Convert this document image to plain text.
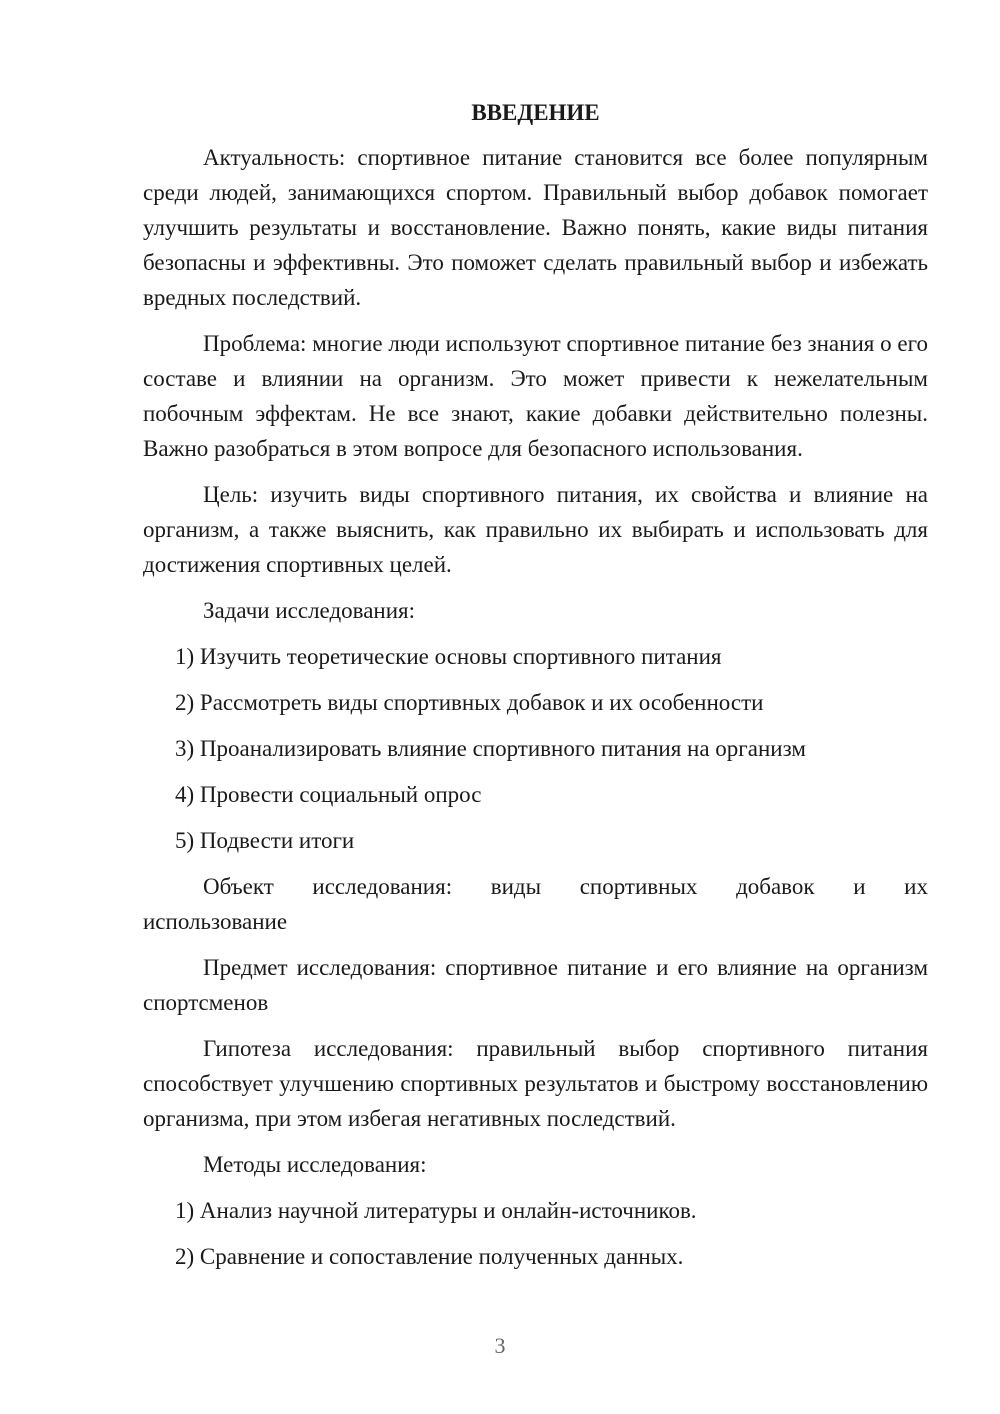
ВВЕДЕНИЕ

Актуальность: спортивное питание становится все более популярным среди людей, занимающихся спортом. Правильный выбор добавок помогает улучшить результаты и восстановление. Важно понять, какие виды питания безопасны и эффективны. Это поможет сделать правильный выбор и избежать вредных последствий.

Проблема: многие люди используют спортивное питание без знания о его составе и влиянии на организм. Это может привести к нежелательным побочным эффектам. Не все знают, какие добавки действительно полезны. Важно разобраться в этом вопросе для безопасного использования.

Цель: изучить виды спортивного питания, их свойства и влияние на организм, а также выяснить, как правильно их выбирать и использовать для достижения спортивных целей.

Задачи исследования:

1) Изучить теоретические основы спортивного питания

2) Рассмотреть виды спортивных добавок и их особенности

3) Проанализировать влияние спортивного питания на организм

4) Провести социальный опрос

5) Подвести итоги

Объект исследования: виды спортивных добавок и их
использование

Предмет исследования: спортивное питание и его влияние на организм спортсменов

Гипотеза исследования: правильный выбор спортивного питания способствует улучшению спортивных результатов и быстрому восстановлению организма, при этом избегая негативных последствий.

Методы исследования:

1) Анализ научной литературы и онлайн-источников.

2) Сравнение и сопоставление полученных данных.

3
